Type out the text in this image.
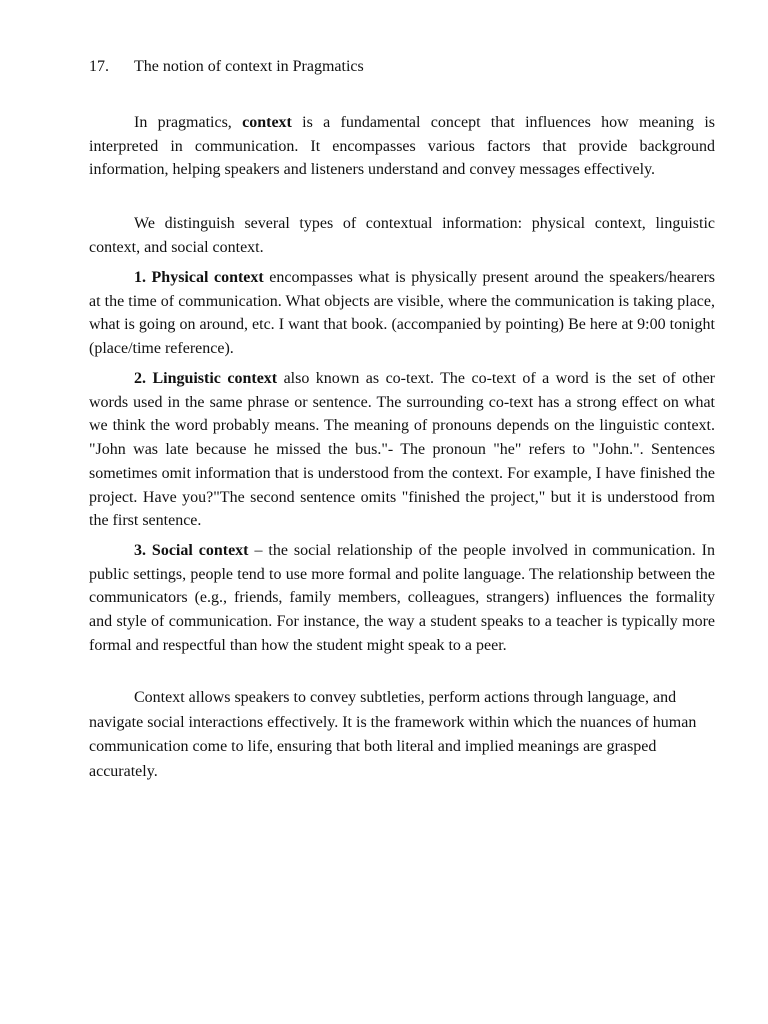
17. The notion of context in Pragmatics

In pragmatics, context is a fundamental concept that influences how meaning is interpreted in communication. It encompasses various factors that provide background information, helping speakers and listeners understand and convey messages effectively.

We distinguish several types of contextual information: physical context, linguistic context, and social context.

1. Physical context encompasses what is physically present around the speakers/hearers at the time of communication. What objects are visible, where the communication is taking place, what is going on around, etc. I want that book. (accompanied by pointing) Be here at 9:00 tonight (place/time reference).

2. Linguistic context also known as co-text. The co-text of a word is the set of other words used in the same phrase or sentence. The surrounding co-text has a strong effect on what we think the word probably means. The meaning of pronouns depends on the linguistic context. "John was late because he missed the bus."- The pronoun "he" refers to "John.". Sentences sometimes omit information that is understood from the context. For example, I have finished the project. Have you?"The second sentence omits "finished the project," but it is understood from the first sentence.

3. Social context – the social relationship of the people involved in communication. In public settings, people tend to use more formal and polite language. The relationship between the communicators (e.g., friends, family members, colleagues, strangers) influences the formality and style of communication. For instance, the way a student speaks to a teacher is typically more formal and respectful than how the student might speak to a peer.

Context allows speakers to convey subtleties, perform actions through language, and navigate social interactions effectively. It is the framework within which the nuances of human communication come to life, ensuring that both literal and implied meanings are grasped accurately.
